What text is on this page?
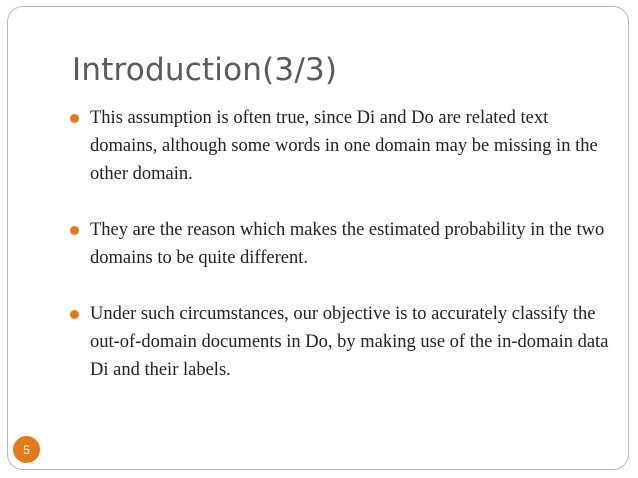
Introduction(3/3)
This assumption is often true, since Di and Do are related text domains, although some words in one domain may be missing in the other domain.
They are the reason which makes the estimated probability in the two domains to be quite different.
Under such circumstances, our objective is to accurately classify the out-of-domain documents in Do, by making use of the in-domain data Di and their labels.
5
